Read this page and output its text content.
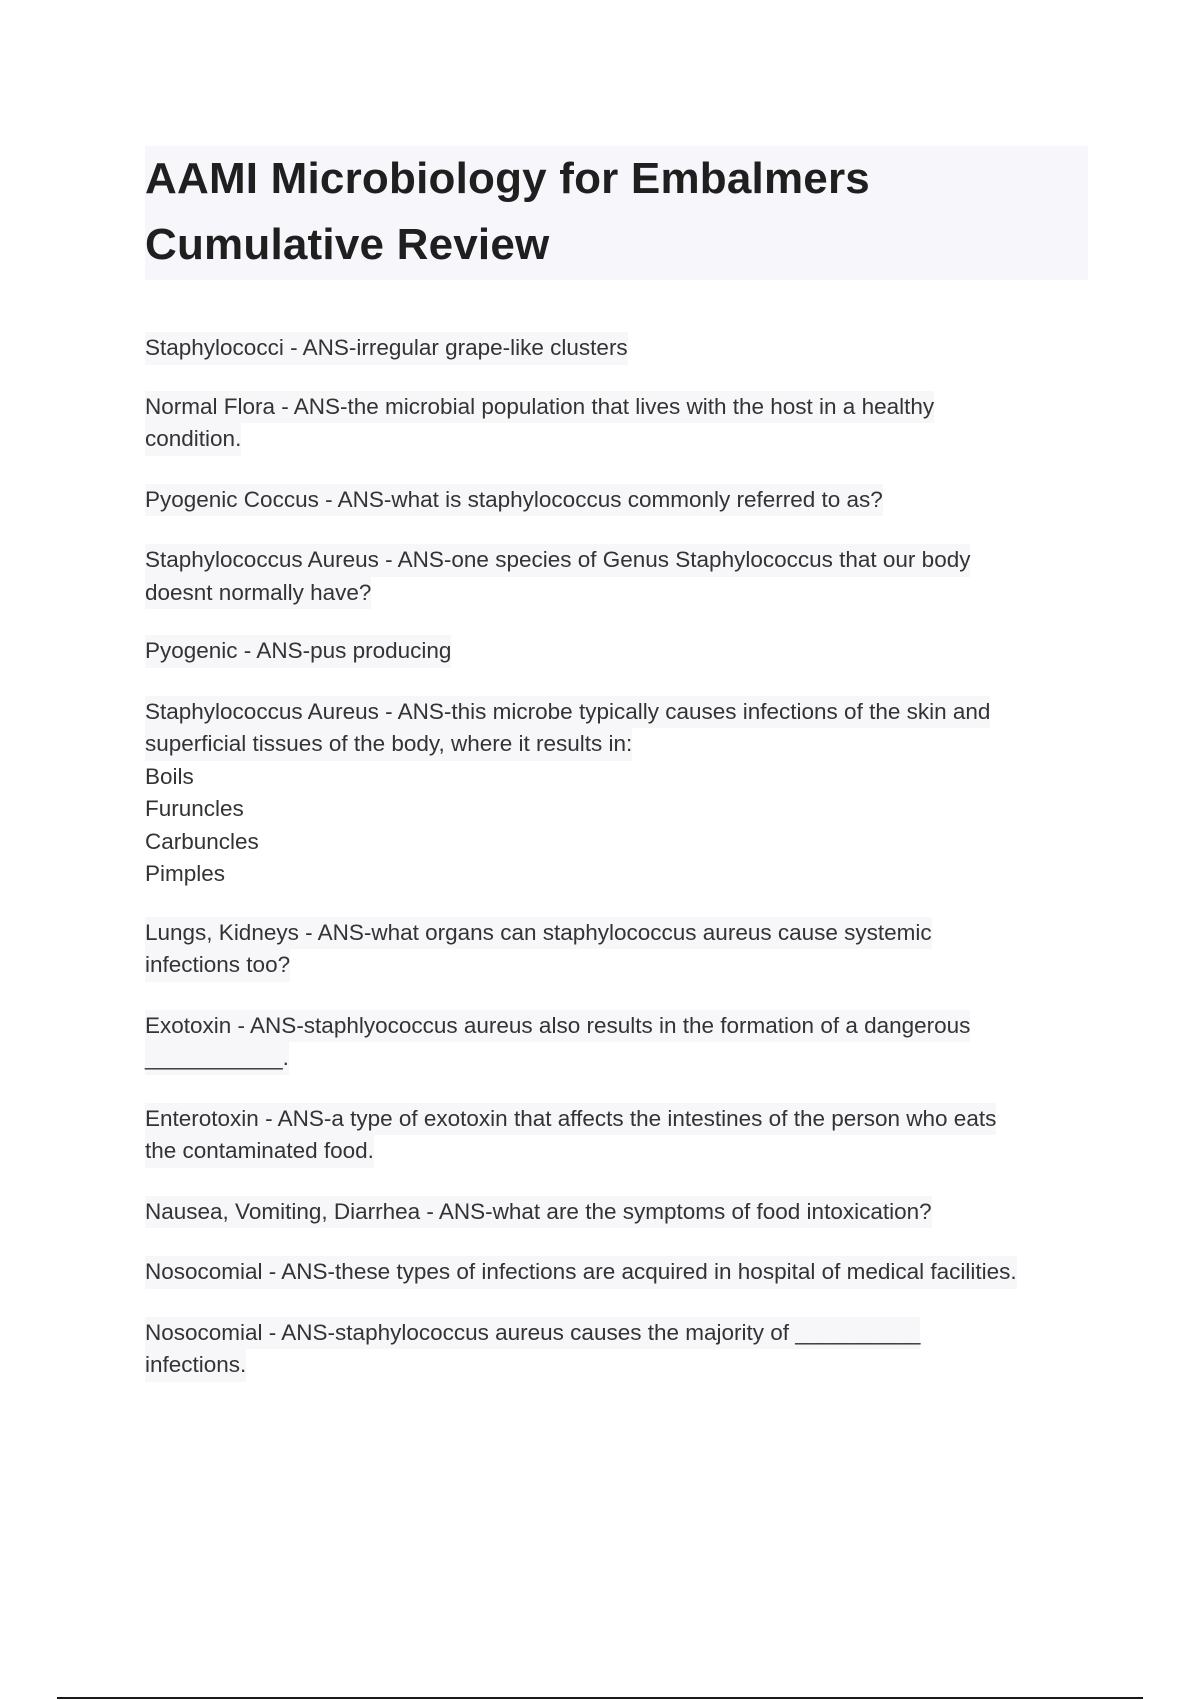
AAMI Microbiology for Embalmers
Cumulative Review
Staphylococci - ANS-irregular grape-like clusters
Normal Flora - ANS-the microbial population that lives with the host in a healthy
condition.
Pyogenic Coccus - ANS-what is staphylococcus commonly referred to as?
Staphylococcus Aureus - ANS-one species of Genus Staphylococcus that our body
doesnt normally have?
Pyogenic - ANS-pus producing
Staphylococcus Aureus - ANS-this microbe typically causes infections of the skin and
superficial tissues of the body, where it results in:
Boils
Furuncles
Carbuncles
Pimples
Lungs, Kidneys - ANS-what organs can staphylococcus aureus cause systemic
infections too?
Exotoxin - ANS-staphlyococcus aureus also results in the formation of a dangerous
___________.
Enterotoxin - ANS-a type of exotoxin that affects the intestines of the person who eats
the contaminated food.
Nausea, Vomiting, Diarrhea - ANS-what are the symptoms of food intoxication?
Nosocomial - ANS-these types of infections are acquired in hospital of medical facilities.
Nosocomial - ANS-staphylococcus aureus causes the majority of __________
infections.
